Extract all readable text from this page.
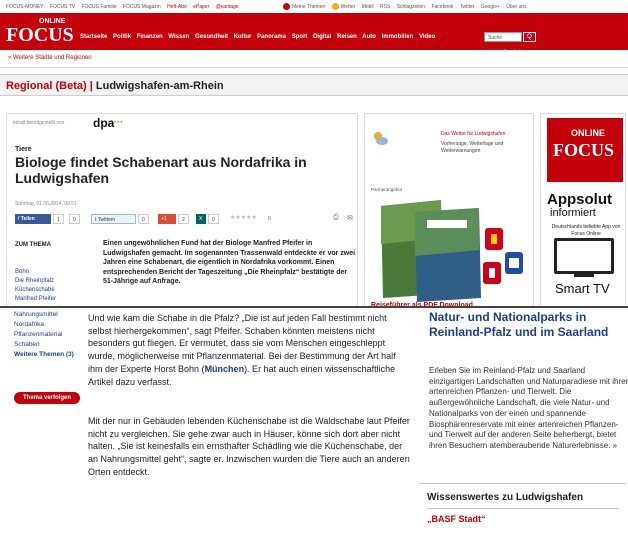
FOCUS-MONEY FOCUS TV FOCUS Familie FOCUS Magazin Heft-Abo ePaper @vantage	Meine Themen	Wetter Mobil RSS Schlagzeilen Facebook Twitter Google+ Über uns
ONLINE
FOCUS Startseite Politik Finanzen Wissen Gesundheit Kultur Panorama Sport Digital Reisen Auto Immobilien Video	Suche	Q
» Weitere Städte und Regionen
Regional (Beta) | Ludwigshafen-am-Rhein
Inhalt bereitgestellt von dpa •••
Tiere
Biologe findet Schabenart aus Nordafrika in Ludwigshafen
Sonntag, 01.06.2014, 09:51
f Teilen	1	0	t Twittern	0	+1	2	X	0	★★★★★	0	⎙ ✉
ZUM THEMA	Einen ungewöhnlichen Fund hat der Biologe Manfred Pfeifer in Ludwigshafen gemacht. Im sogenannten Trassenwald entdeckte er vor zwei Jahren eine Schabenart, die eigentlich in Nordafrika vorkommt. Einen entsprechenden Bericht der Tageszeitung „Die Rheinpfalz“ bestätigte der 51-Jährige auf Anfrage.

Bohn
Die Rheinpfalz
Küchenschabe
Manfred Pfeifer
Das Wetter für Ludwigshafen
Vorhersage, Wetterlage und Wetterwarnungen
Partnerangebot
ONLINE
FOCUS
Appsolut
informiert
Deutschlands beliebte App von Focus Online
Smart TV
Nahrungsmittel
Nordafrika
Pflanzenmaterial
Schaben
Weitere Themen (3)
Thema verfolgen

Und wie kam die Schabe in die Pfalz? „Die ist auf jeden Fall bestimmt nicht selbst hierhergekommen“, sagt Pfeifer. Schaben könnten meistens nicht besonders gut fliegen. Er vermutet, dass sie vom Menschen eingeschleppt wurde, möglicherweise mit Pflanzenmaterial. Bei der Bestimmung der Art half ihm der Experte Horst Bohn (München). Er hat auch einen wissenschaftliche Artikel dazu verfasst.

Mit der nur in Gebäuden lebenden Küchenschabe ist die Waldschabe laut Pfeifer nicht zu vergleichen. Sie gehe zwar auch in Häuser, könne sich dort aber nicht halten. „Sie ist keinesfalls ein ernsthafter Schädling wie die Küchenschabe, der an Nahrungsmittel geht“, sagte er. Inzwischen wurden die Tiere auch an anderen Orten entdeckt.

Natur- und Nationalparks in Reinland-Pfalz und im Saarland

Erleben Sie im Reinland-Pfalz und Saarland einzigartigen Landschaften und Naturparadiese mit ihrer artenreichen Pflanzen- und Tierwelt. Die außergewöhnliche Landschaft, die viele Natur- und Nationalparks von der einen und spannende Biosphärenreservate mit einer artenreichen Pflanzen- und Tierwelt auf der anderen Seite beherbergt, bietet ihren Besuchern atemberaubende Naturerlebnisse. »

Wissenswertes zu Ludwigshafen
„BASF Stadt“
